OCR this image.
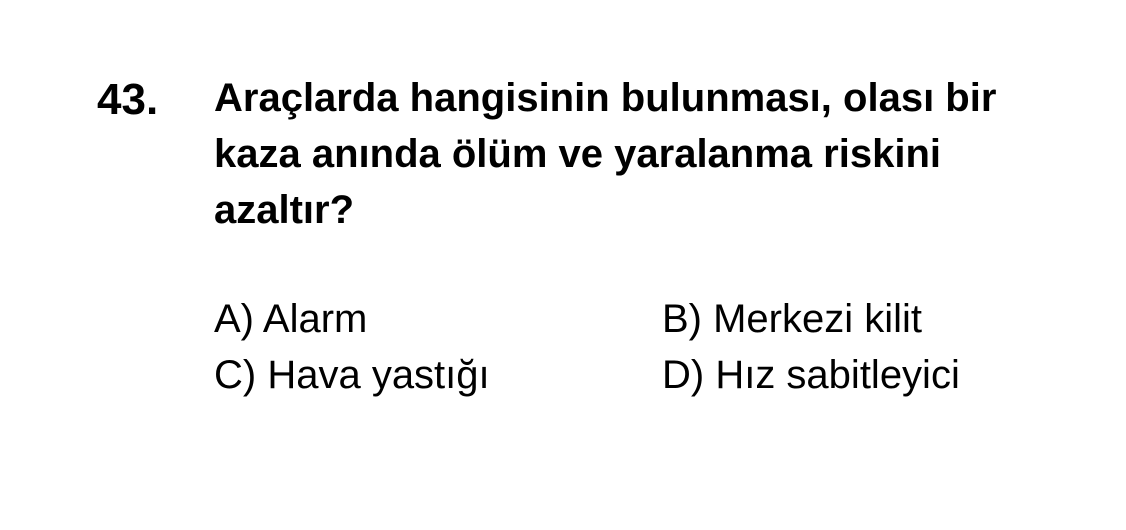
43. Araçlarda hangisinin bulunması, olası bir
kaza anında ölüm ve yaralanma riskini
azaltır?
A) Alarm	B) Merkezi kilit
C) Hava yastığı	D) Hız sabitleyici
